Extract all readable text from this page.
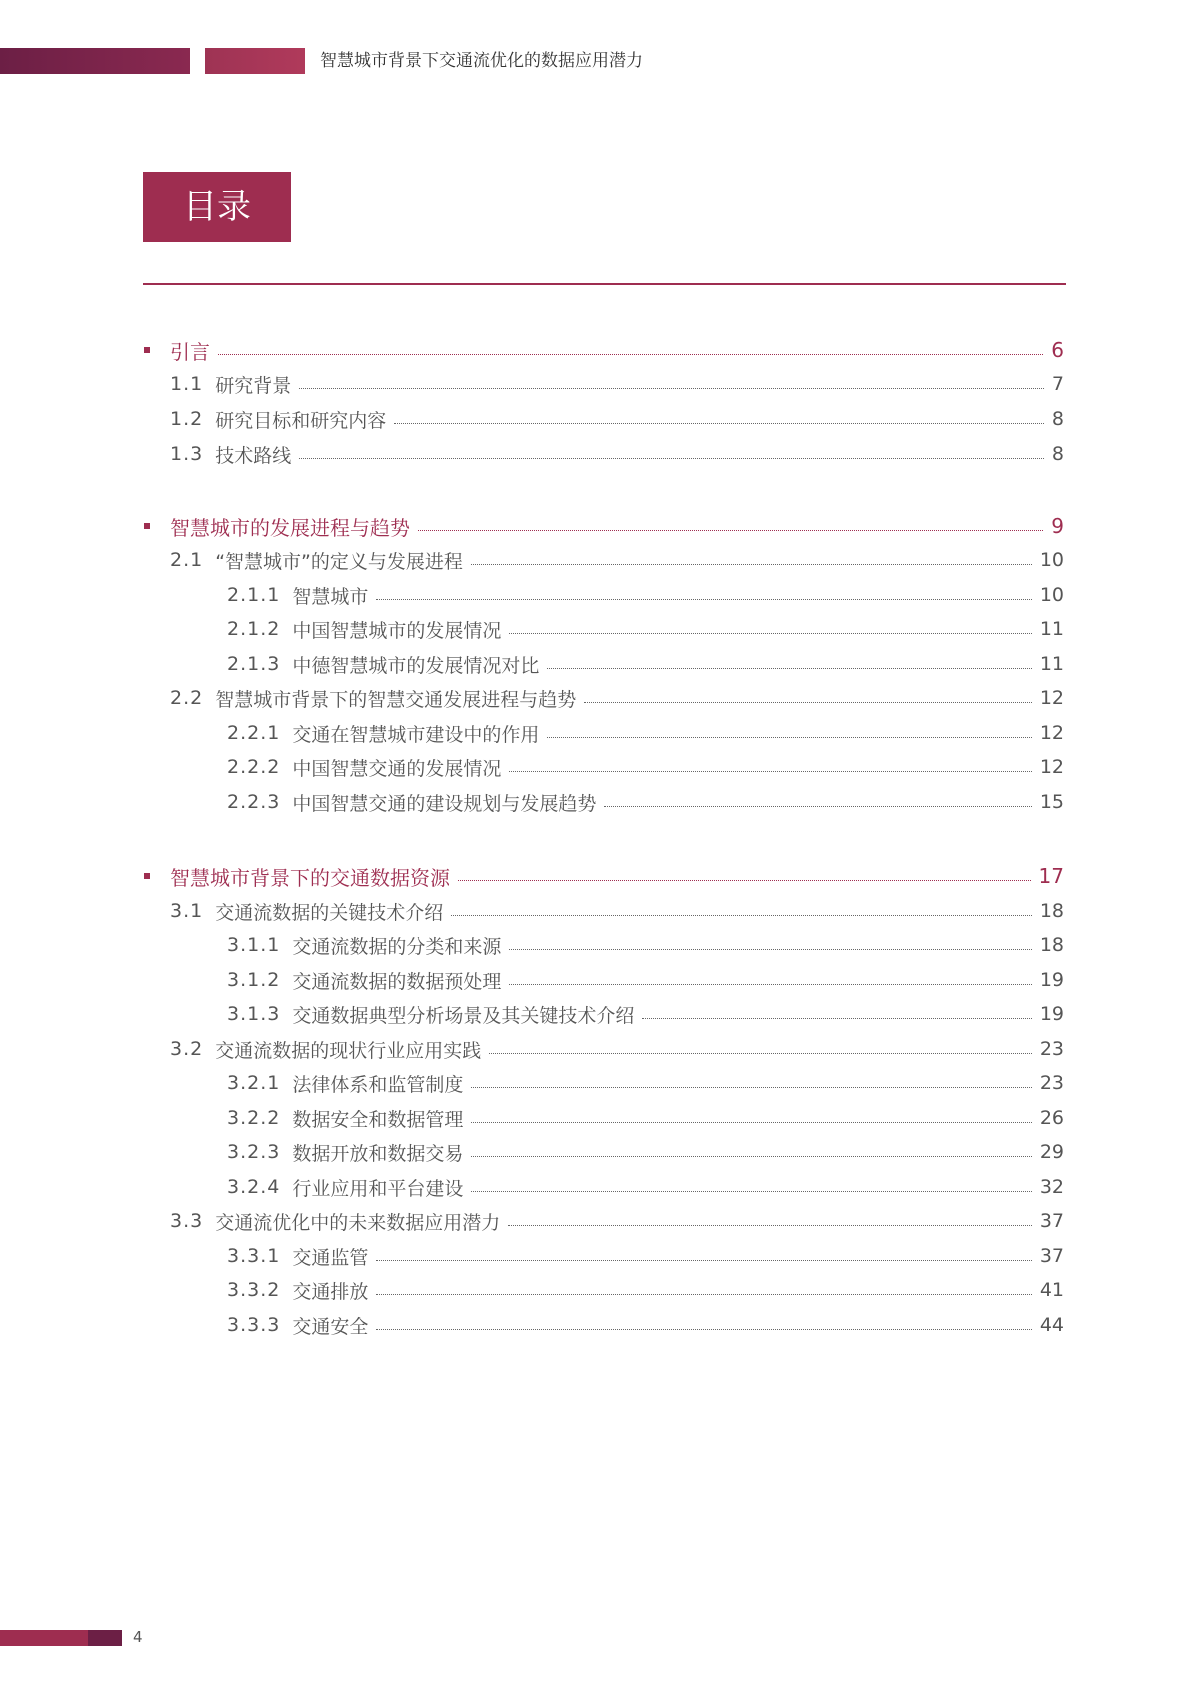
智慧城市背景下交通流优化的数据应用潜力
目录
引言	6
1.1 研究背景	7
1.2 研究目标和研究内容	8
1.3 技术路线	8
智慧城市的发展进程与趋势	9
2.1 “智慧城市”的定义与发展进程	10
2.1.1 智慧城市	10
2.1.2 中国智慧城市的发展情况	11
2.1.3 中德智慧城市的发展情况对比	11
2.2 智慧城市背景下的智慧交通发展进程与趋势	12
2.2.1 交通在智慧城市建设中的作用	12
2.2.2 中国智慧交通的发展情况	12
2.2.3 中国智慧交通的建设规划与发展趋势	15
智慧城市背景下的交通数据资源	17
3.1 交通流数据的关键技术介绍	18
3.1.1 交通流数据的分类和来源	18
3.1.2 交通流数据的数据预处理	19
3.1.3 交通数据典型分析场景及其关键技术介绍	19
3.2 交通流数据的现状行业应用实践	23
3.2.1 法律体系和监管制度	23
3.2.2 数据安全和数据管理	26
3.2.3 数据开放和数据交易	29
3.2.4 行业应用和平台建设	32
3.3 交通流优化中的未来数据应用潜力	37
3.3.1 交通监管	37
3.3.2 交通排放	41
3.3.3 交通安全	44
4
